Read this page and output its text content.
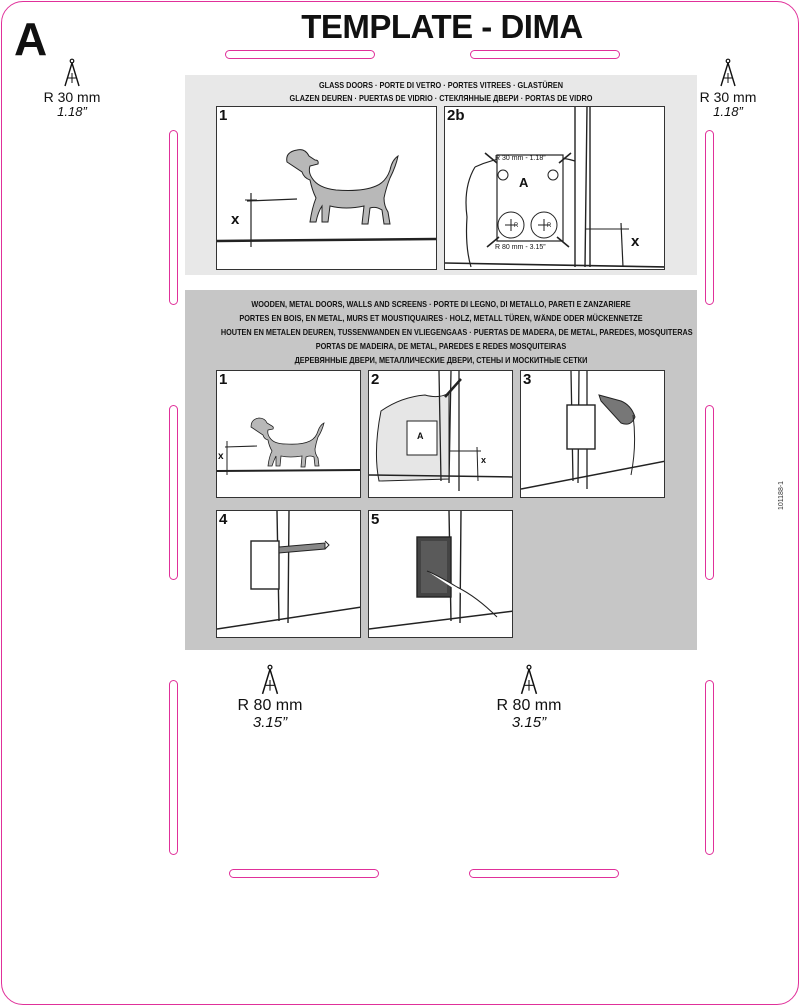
A	TEMPLATE - DIMA
101188-1
R 30 mm
1.18”
R 30 mm
1.18”
R 80 mm
3.15”
R 80 mm
3.15”
GLASS DOORS · PORTE DI VETRO · PORTES VITREES · GLASTÜREN
GLAZEN DEUREN · PUERTAS DE VIDRIO · СТЕКЛЯННЫЕ ДВЕРИ · PORTAS DE VIDRO
1
x
2b
R 30 mm - 1.18”
A
R	R
R 80 mm - 3.15”	x
WOODEN, METAL DOORS, WALLS AND SCREENS · PORTE DI LEGNO, DI METALLO, PARETI E ZANZARIERE
PORTES EN BOIS, EN METAL, MURS ET MOUSTIQUAIRES · HOLZ, METALL TÜREN, WÄNDE ODER MÜCKENNETZE
HOUTEN EN METALEN DEUREN, TUSSENWANDEN EN VLIEGENGAAS · PUERTAS DE MADERA, DE METAL, PAREDES, MOSQUITERAS
PORTAS DE MADEIRA, DE METAL, PAREDES E REDES MOSQUITEIRAS
ДЕРЕВЯННЫЕ ДВЕРИ, МЕТАЛЛИЧЕСКИЕ ДВЕРИ, СТЕНЫ И МОСКИТНЫЕ СЕТКИ
1
x
2
A
x
3
4	5
